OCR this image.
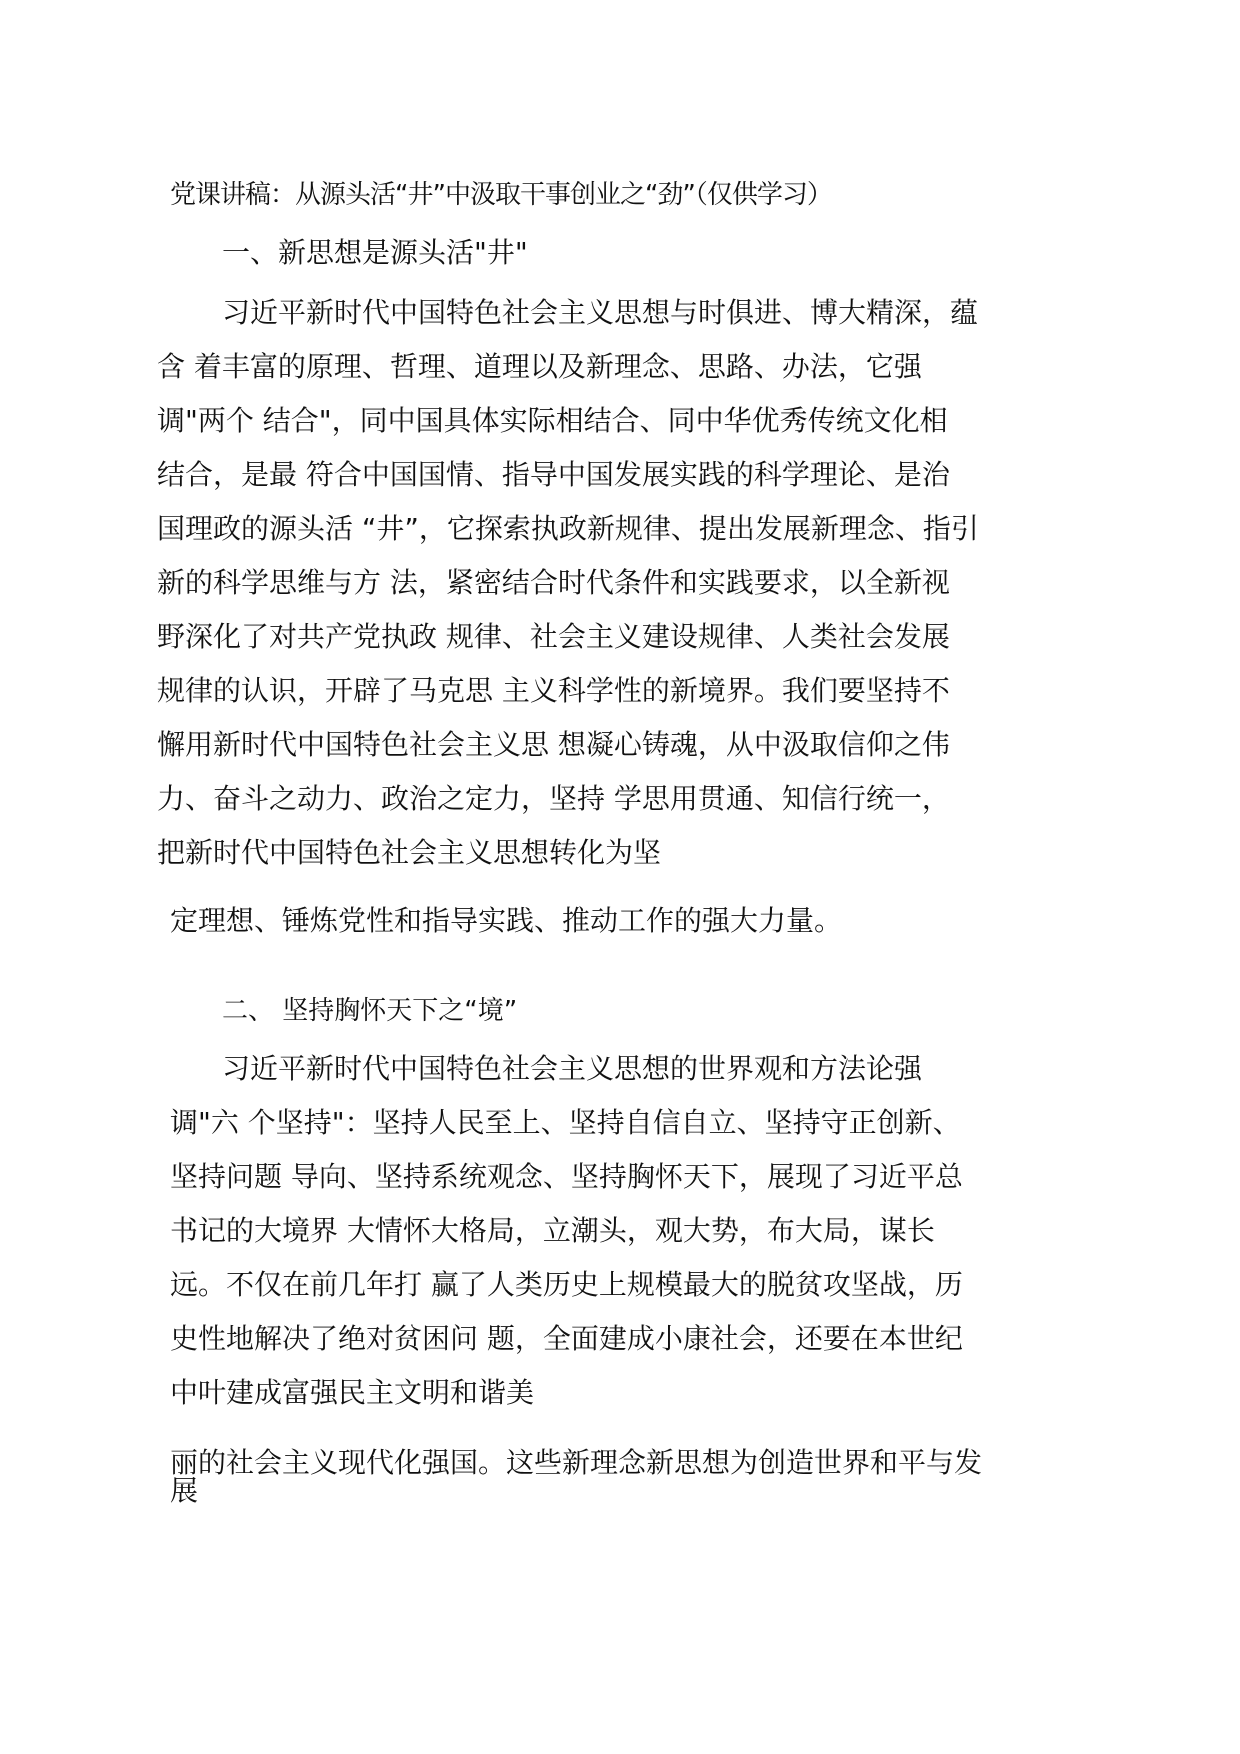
党课讲稿：从源头活“井”中汲取干事创业之“劲”（仅供学习）

一、新思想是源头活"井"

习近平新时代中国特色社会主义思想与时俱进、博大精深，蕴

含 着丰富的原理、哲理、道理以及新理念、思路、办法，它强

调"两个 结合"，同中国具体实际相结合、同中华优秀传统文化相

结合，是最 符合中国国情、指导中国发展实践的科学理论、是治

国理政的源头活 “井”，它探索执政新规律、提出发展新理念、指引

新的科学思维与方 法，紧密结合时代条件和实践要求，以全新视

野深化了对共产党执政 规律、社会主义建设规律、人类社会发展

规律的认识，开辟了马克思 主义科学性的新境界。我们要坚持不

懈用新时代中国特色社会主义思 想凝心铸魂，从中汲取信仰之伟

力、奋斗之动力、政治之定力，坚持 学思用贯通、知信行统一，

把新时代中国特色社会主义思想转化为坚

定理想、锤炼党性和指导实践、推动工作的强大力量。

二、 坚持胸怀天下之“境”

习近平新时代中国特色社会主义思想的世界观和方法论强

调"六 个坚持"：坚持人民至上、坚持自信自立、坚持守正创新、

坚持问题 导向、坚持系统观念、坚持胸怀天下，展现了习近平总

书记的大境界 大情怀大格局，立潮头，观大势，布大局，谋长

远。不仅在前几年打 赢了人类历史上规模最大的脱贫攻坚战，历

史性地解决了绝对贫困问 题，全面建成小康社会，还要在本世纪

中叶建成富强民主文明和谐美

丽的社会主义现代化强国。这些新理念新思想为创造世界和平与发

展
